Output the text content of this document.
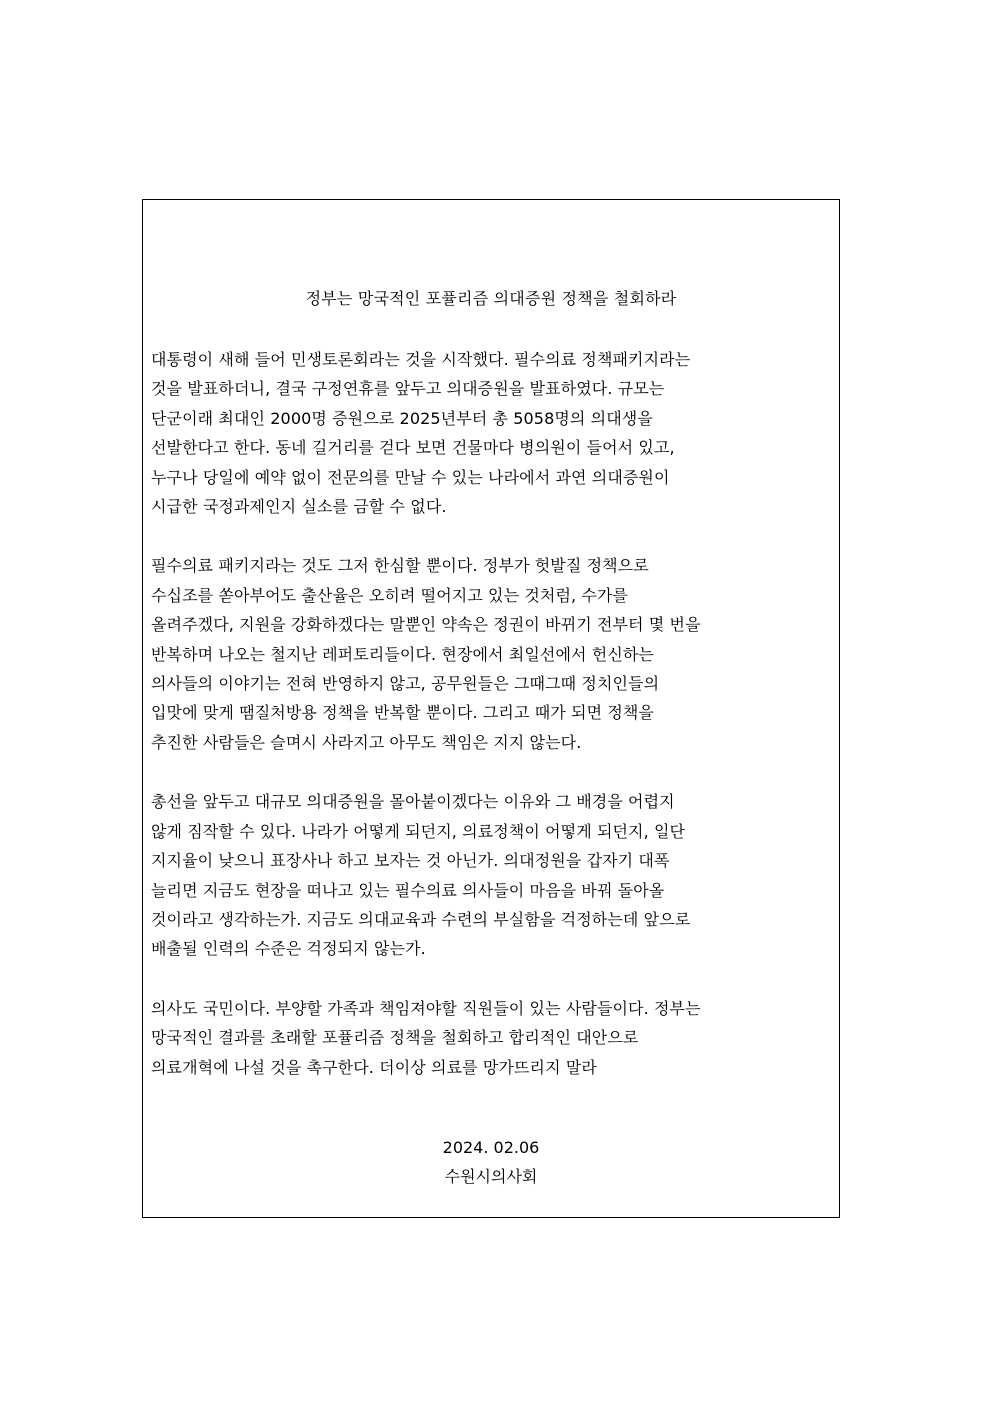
정부는 망국적인 포퓰리즘 의대증원 정책을 철회하라
대통령이 새해 들어 민생토론회라는 것을 시작했다. 필수의료 정책패키지라는
것을 발표하더니, 결국 구정연휴를 앞두고 의대증원을 발표하였다. 규모는
단군이래 최대인 2000명 증원으로 2025년부터 총 5058명의 의대생을
선발한다고 한다. 동네 길거리를 걷다 보면 건물마다 병의원이 들어서 있고,
누구나 당일에 예약 없이 전문의를 만날 수 있는 나라에서 과연 의대증원이
시급한 국정과제인지 실소를 금할 수 없다.
필수의료 패키지라는 것도 그저 한심할 뿐이다. 정부가 헛발질 정책으로
수십조를 쏟아부어도 출산율은 오히려 떨어지고 있는 것처럼, 수가를
올려주겠다, 지원을 강화하겠다는 말뿐인 약속은 정권이 바뀌기 전부터 몇 번을
반복하며 나오는 철지난 레퍼토리들이다. 현장에서 최일선에서 헌신하는
의사들의 이야기는 전혀 반영하지 않고, 공무원들은 그때그때 정치인들의
입맛에 맞게 땜질처방용 정책을 반복할 뿐이다. 그리고 때가 되면 정책을
추진한 사람들은 슬며시 사라지고 아무도 책임은 지지 않는다.
총선을 앞두고 대규모 의대증원을 몰아붙이겠다는 이유와 그 배경을 어렵지
않게 짐작할 수 있다. 나라가 어떻게 되던지, 의료정책이 어떻게 되던지, 일단
지지율이 낮으니 표장사나 하고 보자는 것 아닌가. 의대정원을 갑자기 대폭
늘리면 지금도 현장을 떠나고 있는 필수의료 의사들이 마음을 바꿔 돌아올
것이라고 생각하는가. 지금도 의대교육과 수련의 부실함을 걱정하는데 앞으로
배출될 인력의 수준은 걱정되지 않는가.
의사도 국민이다. 부양할 가족과 책임져야할 직원들이 있는 사람들이다. 정부는
망국적인 결과를 초래할 포퓰리즘 정책을 철회하고 합리적인 대안으로
의료개혁에 나설 것을 촉구한다. 더이상 의료를 망가뜨리지 말라
2024. 02.06
수원시의사회
